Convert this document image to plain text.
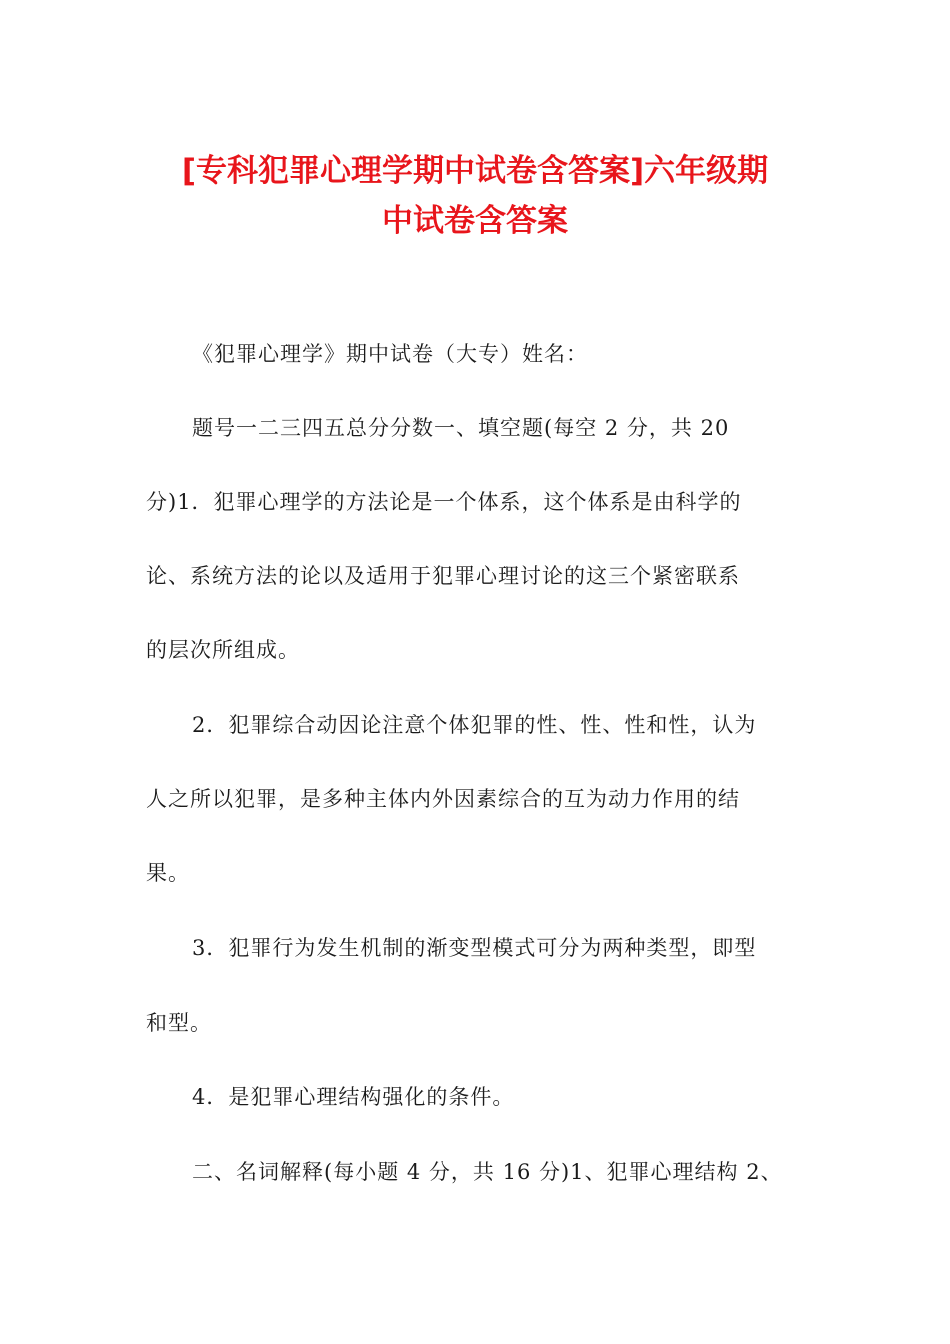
[专科犯罪心理学期中试卷含答案]六年级期
中试卷含答案

《犯罪心理学》期中试卷（大专）姓名：

题号一二三四五总分分数一、填空题(每空 2 分，共 20

分)1．犯罪心理学的方法论是一个体系，这个体系是由科学的

论、系统方法的论以及适用于犯罪心理讨论的这三个紧密联系

的层次所组成。

2．犯罪综合动因论注意个体犯罪的性、性、性和性，认为

人之所以犯罪，是多种主体内外因素综合的互为动力作用的结

果。

3．犯罪行为发生机制的渐变型模式可分为两种类型，即型

和型。

4．是犯罪心理结构强化的条件。

二、名词解释(每小题 4 分，共 16 分)1、犯罪心理结构 2、
